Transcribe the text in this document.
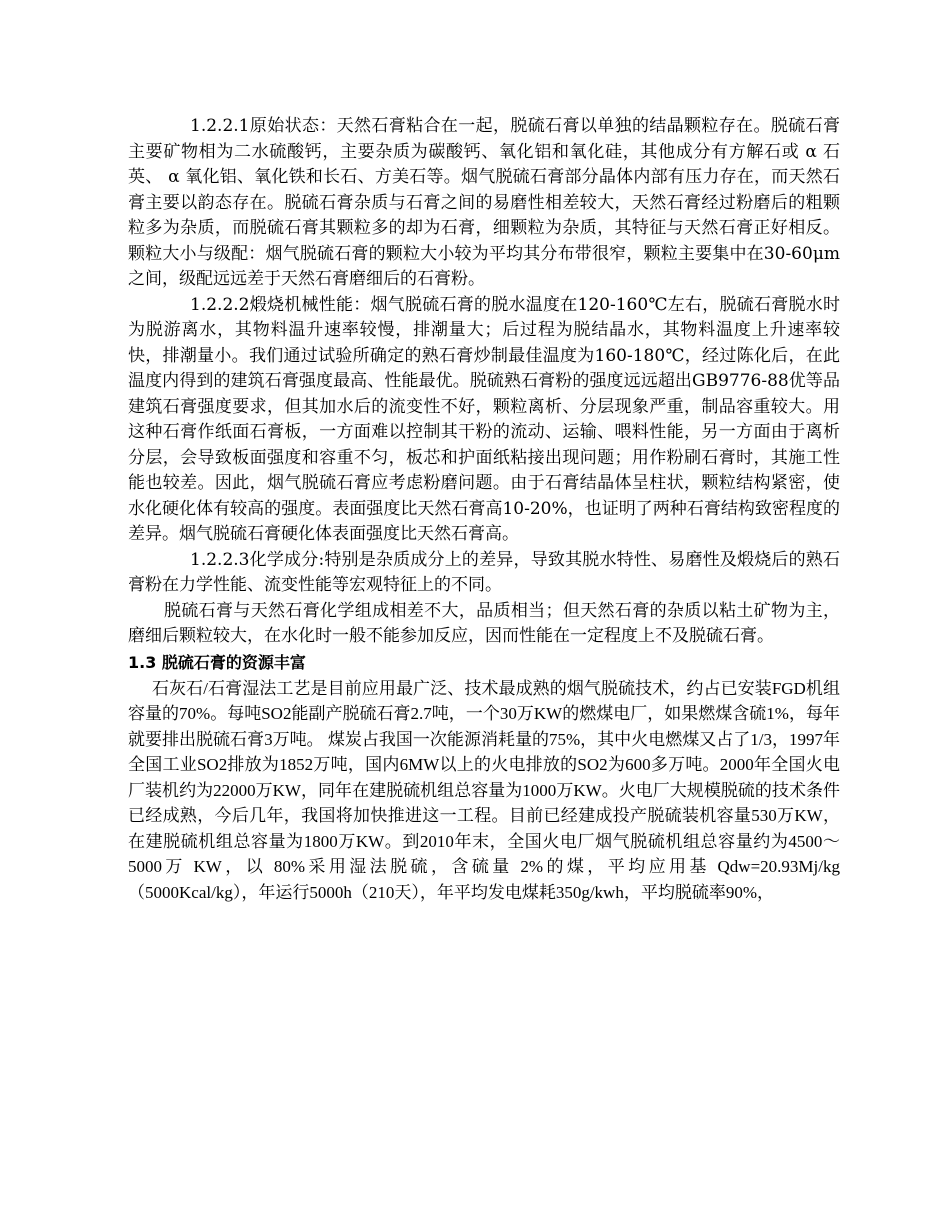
1.2.2.1原始状态：天然石膏粘合在一起，脱硫石膏以单独的结晶颗粒存在。脱硫石膏主要矿物相为二水硫酸钙，主要杂质为碳酸钙、氧化铝和氧化硅，其他成分有方解石或 α 石英、 α 氧化铝、氧化铁和长石、方美石等。烟气脱硫石膏部分晶体内部有压力存在，而天然石膏主要以韵态存在。脱硫石膏杂质与石膏之间的易磨性相差较大，天然石膏经过粉磨后的粗颗粒多为杂质，而脱硫石膏其颗粒多的却为石膏，细颗粒为杂质，其特征与天然石膏正好相反。颗粒大小与级配：烟气脱硫石膏的颗粒大小较为平均其分布带很窄，颗粒主要集中在30-60μm之间，级配远远差于天然石膏磨细后的石膏粉。

1.2.2.2煅烧机械性能：烟气脱硫石膏的脱水温度在120-160℃左右，脱硫石膏脱水时为脱游离水，其物料温升速率较慢，排潮量大；后过程为脱结晶水，其物料温度上升速率较快，排潮量小。我们通过试验所确定的熟石膏炒制最佳温度为160-180℃，经过陈化后，在此温度内得到的建筑石膏强度最高、性能最优。脱硫熟石膏粉的强度远远超出GB9776-88优等品建筑石膏强度要求，但其加水后的流变性不好，颗粒离析、分层现象严重，制品容重较大。用这种石膏作纸面石膏板，一方面难以控制其干粉的流动、运输、喂料性能，另一方面由于离析分层，会导致板面强度和容重不匀，板芯和护面纸粘接出现问题；用作粉刷石膏时，其施工性能也较差。因此，烟气脱硫石膏应考虑粉磨问题。由于石膏结晶体呈柱状，颗粒结构紧密，使水化硬化体有较高的强度。表面强度比天然石膏高10-20%，也证明了两种石膏结构致密程度的差异。烟气脱硫石膏硬化体表面强度比天然石膏高。

1.2.2.3化学成分:特别是杂质成分上的差异，导致其脱水特性、易磨性及煅烧后的熟石膏粉在力学性能、流变性能等宏观特征上的不同。

脱硫石膏与天然石膏化学组成相差不大，品质相当；但天然石膏的杂质以粘土矿物为主，磨细后颗粒较大，在水化时一般不能参加反应，因而性能在一定程度上不及脱硫石膏。

1.3 脱硫石膏的资源丰富

石灰石/石膏湿法工艺是目前应用最广泛、技术最成熟的烟气脱硫技术，约占已安装FGD机组容量的70%。每吨SO2能副产脱硫石膏2.7吨，一个30万KW的燃煤电厂，如果燃煤含硫1%，每年就要排出脱硫石膏3万吨。 煤炭占我国一次能源消耗量的75%，其中火电燃煤又占了1/3，1997年全国工业SO2排放为1852万吨，国内6MW以上的火电排放的SO2为600多万吨。2000年全国火电厂装机约为22000万KW，同年在建脱硫机组总容量为1000万KW。火电厂大规模脱硫的技术条件已经成熟，今后几年，我国将加快推进这一工程。目前已经建成投产脱硫装机容量530万KW，在建脱硫机组总容量为1800万KW。到2010年末，全国火电厂烟气脱硫机组总容量约为4500～5000万 KW，以 80%采用湿法脱硫，含硫量 2%的煤，平均应用基 Qdw=20.93Mj/kg（5000Kcal/kg），年运行5000h（210天），年平均发电煤耗350g/kwh，平均脱硫率90%，
